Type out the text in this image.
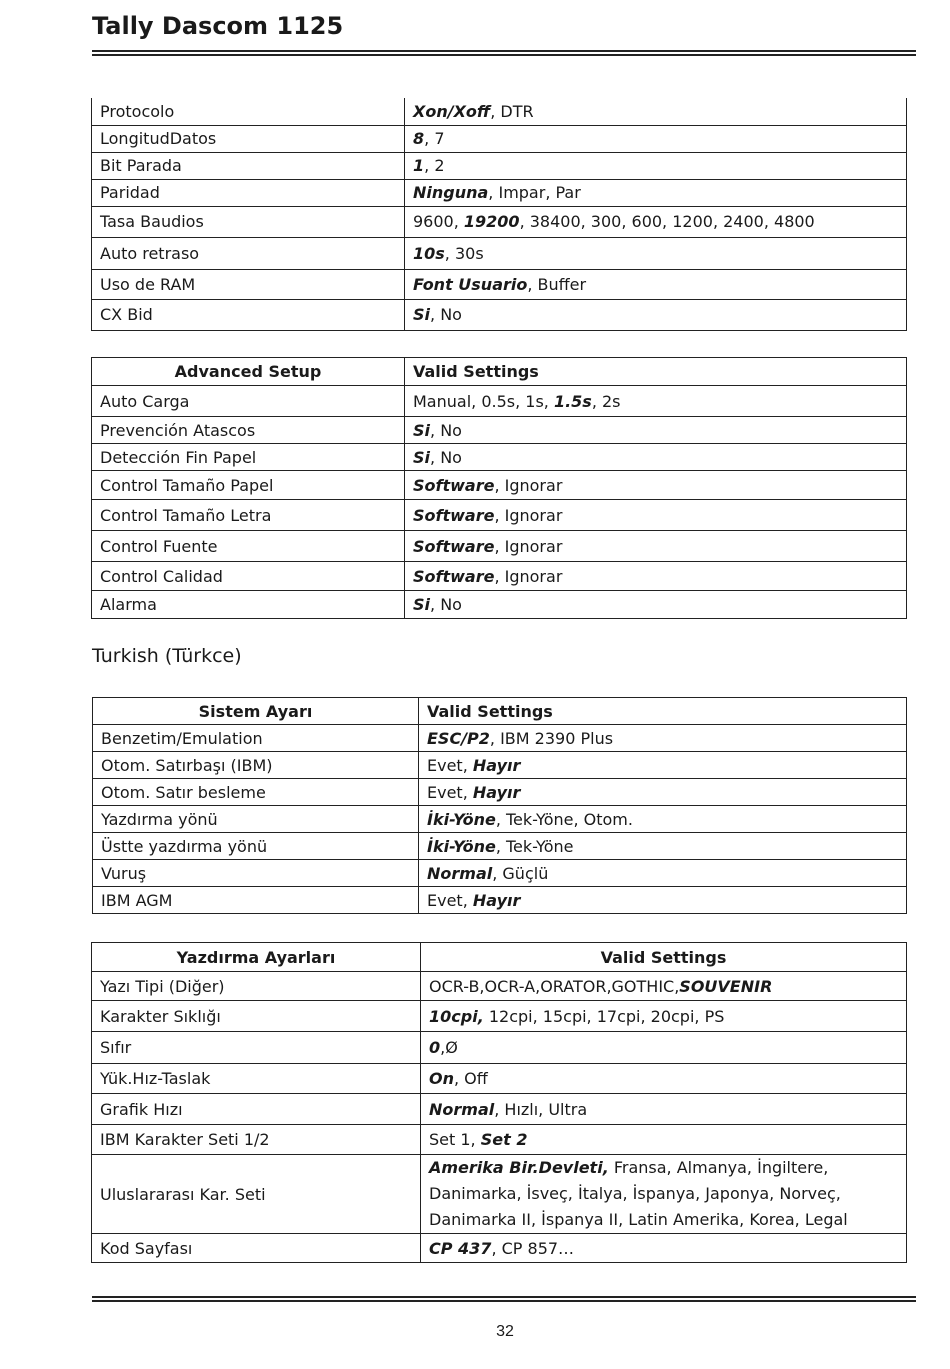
Tally Dascom 1125
Protocolo	Xon/Xoff, DTR
LongitudDatos	8, 7
Bit Parada	1, 2
Paridad	Ninguna, Impar, Par
Tasa Baudios	9600, 19200, 38400, 300, 600, 1200, 2400, 4800
Auto retraso	10s, 30s
Uso de RAM	Font Usuario, Buffer
CX Bid	Si, No
Advanced Setup	Valid Settings
Auto Carga	Manual, 0.5s, 1s, 1.5s, 2s
Prevención Atascos	Si, No
Detección Fin Papel	Si, No
Control Tamaño Papel	Software, Ignorar
Control Tamaño Letra	Software, Ignorar
Control Fuente	Software, Ignorar
Control Calidad	Software, Ignorar
Alarma	Si, No
Turkish (Türkce)
Sistem Ayarı	Valid Settings
Benzetim/Emulation	ESC/P2, IBM 2390 Plus
Otom. Satırbaşı (IBM)	Evet, Hayır
Otom. Satır besleme	Evet, Hayır
Yazdırma yönü	İki-Yöne, Tek-Yöne, Otom.
Üstte yazdırma yönü	İki-Yöne, Tek-Yöne
Vuruş	Normal, Güçlü
IBM AGM	Evet, Hayır
Yazdırma Ayarları	Valid Settings
Yazı Tipi (Diğer)	OCR-B,OCR-A,ORATOR,GOTHIC,SOUVENIR
Karakter Sıklığı	10cpi, 12cpi, 15cpi, 17cpi, 20cpi, PS
Sıfır	0,Ø
Yük.Hız-Taslak	On, Off
Grafik Hızı	Normal, Hızlı, Ultra
IBM Karakter Seti 1/2	Set 1, Set 2
Uluslararası Kar. Seti	Amerika Bir.Devleti, Fransa, Almanya, İngiltere, Danimarka, İsveç, İtalya, İspanya, Japonya, Norveç, Danimarka II, İspanya II, Latin Amerika, Korea, Legal
Kod Sayfası	CP 437, CP 857…
32
